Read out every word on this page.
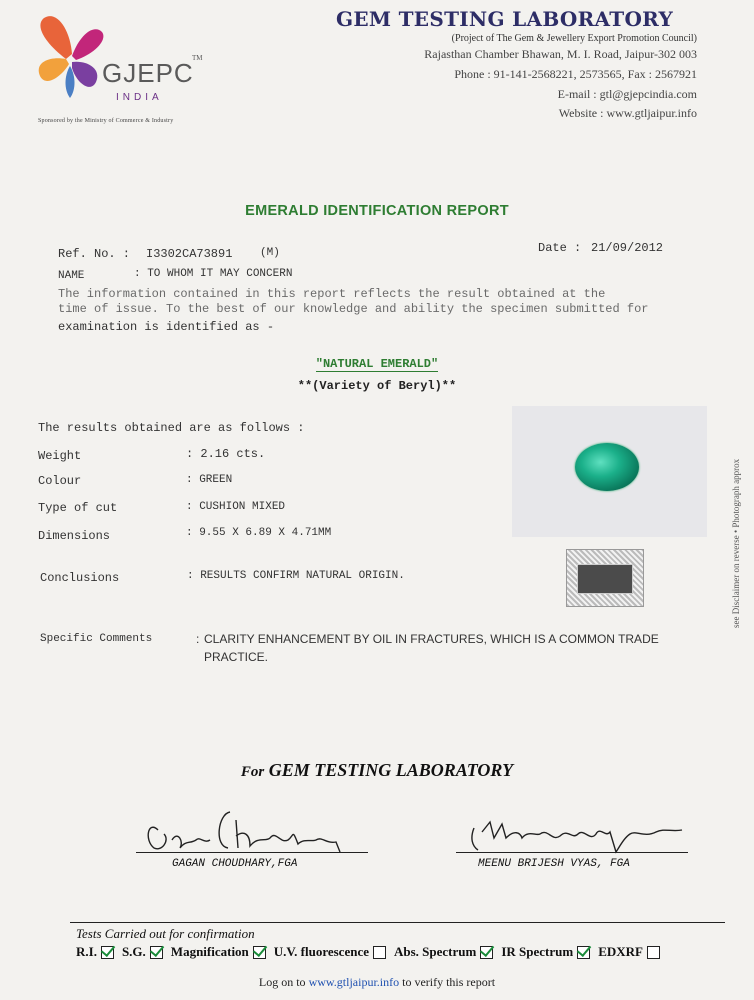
GJEPC
TM
INDIA
Sponsored by the Ministry of Commerce & Industry
GEM TESTING LABORATORY
(Project of The Gem & Jewellery Export Promotion Council)
Rajasthan Chamber Bhawan, M. I. Road, Jaipur-302 003
Phone : 91-141-2568221, 2573565, Fax : 2567921
E-mail : gtl@gjepcindia.com
Website : www.gtljaipur.info
EMERALD IDENTIFICATION REPORT
Ref. No. : I3302CA73891	(M)	Date : 21/09/2012
NAME	: TO WHOM IT MAY CONCERN
The information contained in this report reflects the result obtained at the
time of issue. To the best of our knowledge and ability the specimen submitted for
examination is identified as -
"NATURAL EMERALD"
**(Variety of Beryl)**
The results obtained are as follows :
Weight	: 2.16 cts.
Colour	: GREEN
Type of cut	: CUSHION MIXED
Dimensions	: 9.55 X 6.89 X 4.71MM	see Disclaimer on reverse • Photograph approx
Conclusions	: RESULTS CONFIRM NATURAL ORIGIN.
Specific Comments	: CLARITY ENHANCEMENT BY OIL IN FRACTURES, WHICH IS A COMMON TRADE
PRACTICE.
For GEM TESTING LABORATORY
GAGAN CHOUDHARY,FGA	MEENU BRIJESH VYAS, FGA
Tests Carried out for confirmation
R.I. S.G. Magnification U.V. fluorescence Abs. Spectrum IR Spectrum EDXRF
Log on to www.gtljaipur.info to verify this report
